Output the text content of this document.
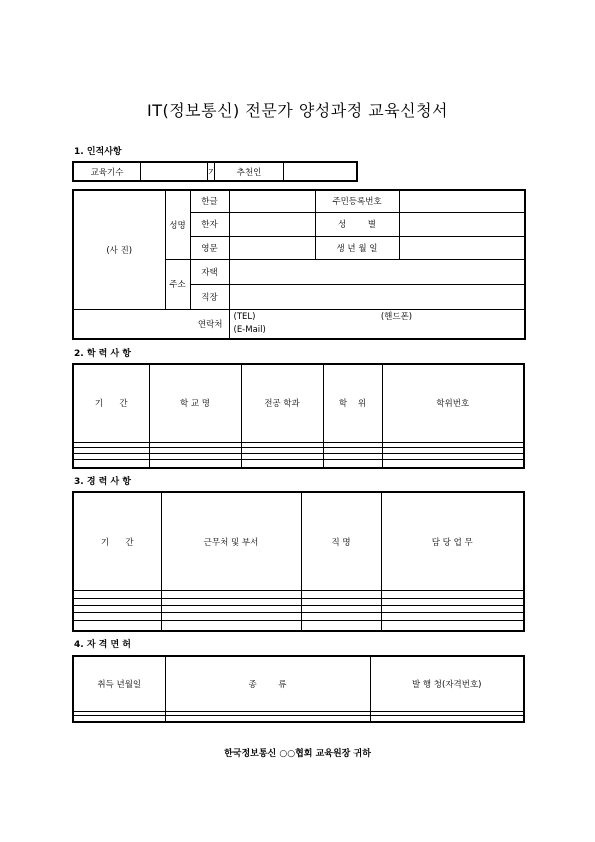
IT(정보통신) 전문가 양성과정 교육신청서
1. 인적사항
교육기수		기	추천인	
(사 진)	성명	한글		주민등록번호	
		한자		성        별	
		영문		생 년 월 일	
	주소	자택			
		직장			
	연락처		(TEL) (핸드폰)
(E-Mail)		
2. 학 력 사 항
기      간	학 교 명	전공 학과	학    위	학위번호

3. 경 력 사 항
기      간	근무처 및 부서	직 명	담 당 업 무

4. 자 격 면 허
취득 년월일	종        류	발 행 청(자격번호)

한국정보통신 ○○협회 교육원장 귀하
